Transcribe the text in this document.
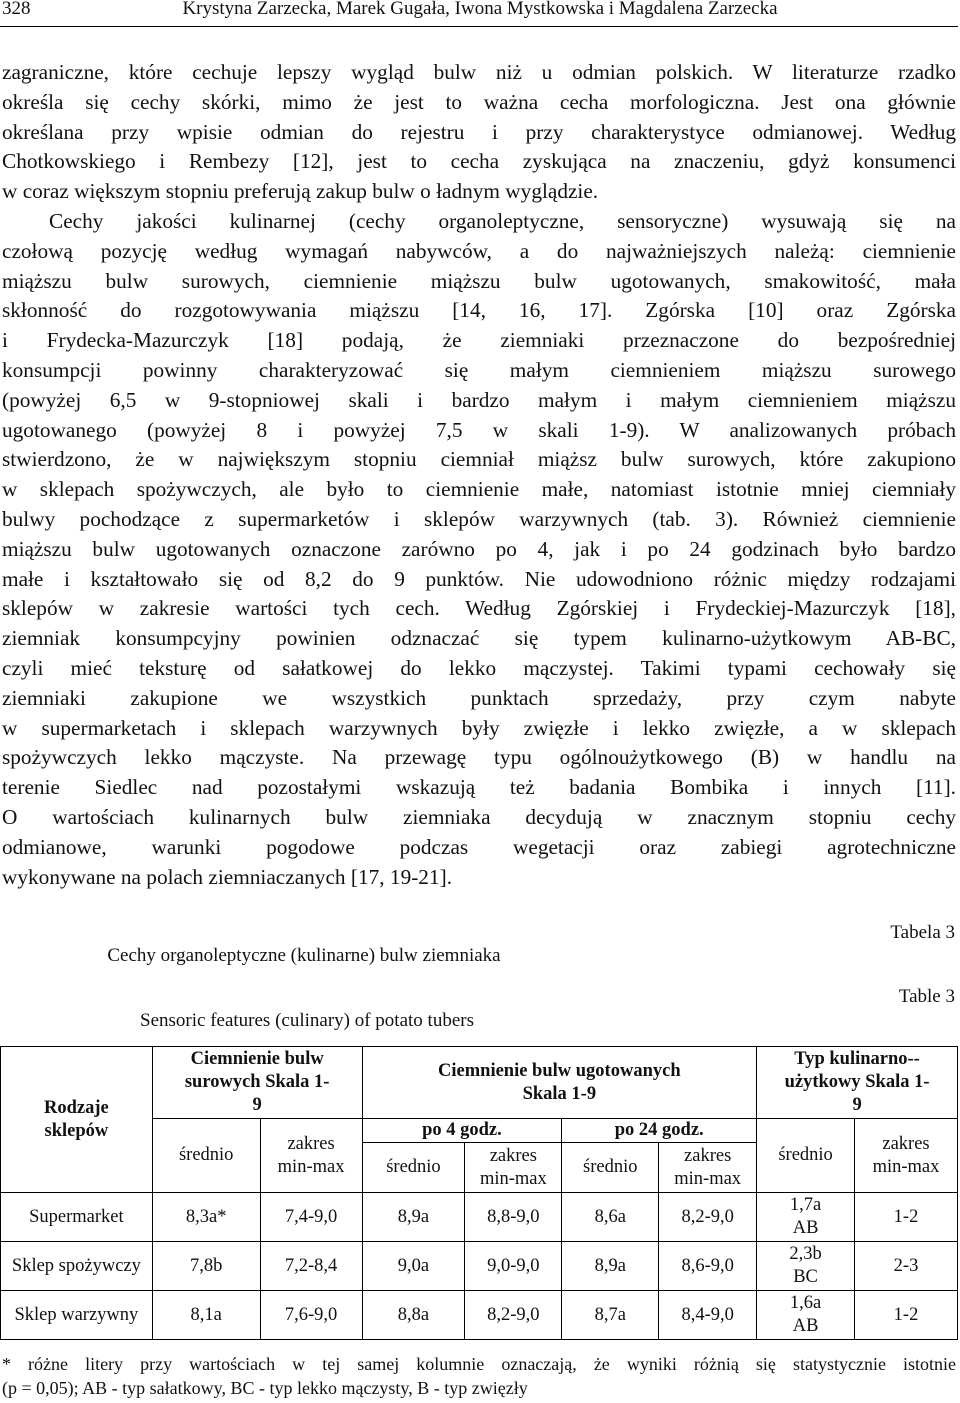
328	Krystyna Zarzecka, Marek Gugała, Iwona Mystkowska i Magdalena Zarzecka

zagraniczne, które cechuje lepszy wygląd bulw niż u odmian polskich. W literaturze rzadko

określa się cechy skórki, mimo że jest to ważna cecha morfologiczna. Jest ona głównie

określana przy wpisie odmian do rejestru i przy charakterystyce odmianowej. Według

Chotkowskiego i Rembezy [12], jest to cecha zyskująca na znaczeniu, gdyż konsumenci

w coraz większym stopniu preferują zakup bulw o ładnym wyglądzie.

Cechy jakości kulinarnej (cechy organoleptyczne, sensoryczne) wysuwają się na

czołową pozycję według wymagań nabywców, a do najważniejszych należą: ciemnienie

miąższu bulw surowych, ciemnienie miąższu bulw ugotowanych, smakowitość, mała

skłonność do rozgotowywania miąższu [14, 16, 17]. Zgórska [10] oraz Zgórska

i Frydecka-Mazurczyk [18] podają, że ziemniaki przeznaczone do bezpośredniej

konsumpcji powinny charakteryzować się małym ciemnieniem miąższu surowego

(powyżej 6,5 w 9-stopniowej skali i bardzo małym i małym ciemnieniem miąższu

ugotowanego (powyżej 8 i powyżej 7,5 w skali 1-9). W analizowanych próbach

stwierdzono, że w największym stopniu ciemniał miąższ bulw surowych, które zakupiono

w sklepach spożywczych, ale było to ciemnienie małe, natomiast istotnie mniej ciemniały

bulwy pochodzące z supermarketów i sklepów warzywnych (tab. 3). Również ciemnienie

miąższu bulw ugotowanych oznaczone zarówno po 4, jak i po 24 godzinach było bardzo

małe i kształtowało się od 8,2 do 9 punktów. Nie udowodniono różnic między rodzajami

sklepów w zakresie wartości tych cech. Według Zgórskiej i Frydeckiej-Mazurczyk [18],

ziemniak konsumpcyjny powinien odznaczać się typem kulinarno-użytkowym AB-BC,

czyli mieć teksturę od sałatkowej do lekko mączystej. Takimi typami cechowały się

ziemniaki zakupione we wszystkich punktach sprzedaży, przy czym nabyte

w supermarketach i sklepach warzywnych były zwięzłe i lekko zwięzłe, a w sklepach

spożywczych lekko mączyste. Na przewagę typu ogólnoużytkowego (B) w handlu na

terenie Siedlec nad pozostałymi wskazują też badania Bombika i innych [11].

O wartościach kulinarnych bulw ziemniaka decydują w znacznym stopniu cechy

odmianowe, warunki pogodowe podczas wegetacji oraz zabiegi agrotechniczne

wykonywane na polach ziemniaczanych [17, 19-21].

Tabela 3
Cechy organoleptyczne (kulinarne) bulw ziemniaka
Table 3
Sensoric features (culinary) of potato tubers
Rodzaje sklepów	Ciemnienie bulw surowych Skala 1-9		Ciemnienie bulw ugotowanych Skala 1-9				Typ kulinarno--użytkowy Skala 1-9	
	średnio	zakres min-max	po 4 godz.		po 24 godz.		średnio	zakres min-max
			średnio	zakres min-max	średnio	zakres min-max		
Supermarket	8,3a*	7,4-9,0	8,9a	8,8-9,0	8,6a	8,2-9,0	1,7a AB	1-2
Sklep spożywczy	7,8b	7,2-8,4	9,0a	9,0-9,0	8,9a	8,6-9,0	2,3b BC	2-3
Sklep warzywny	8,1a	7,6-9,0	8,8a	8,2-9,0	8,7a	8,4-9,0	1,6a AB	1-2

* różne litery przy wartościach w tej samej kolumnie oznaczają, że wyniki różnią się statystycznie istotnie

(p = 0,05); AB - typ sałatkowy, BC - typ lekko mączysty, B - typ zwięzły
